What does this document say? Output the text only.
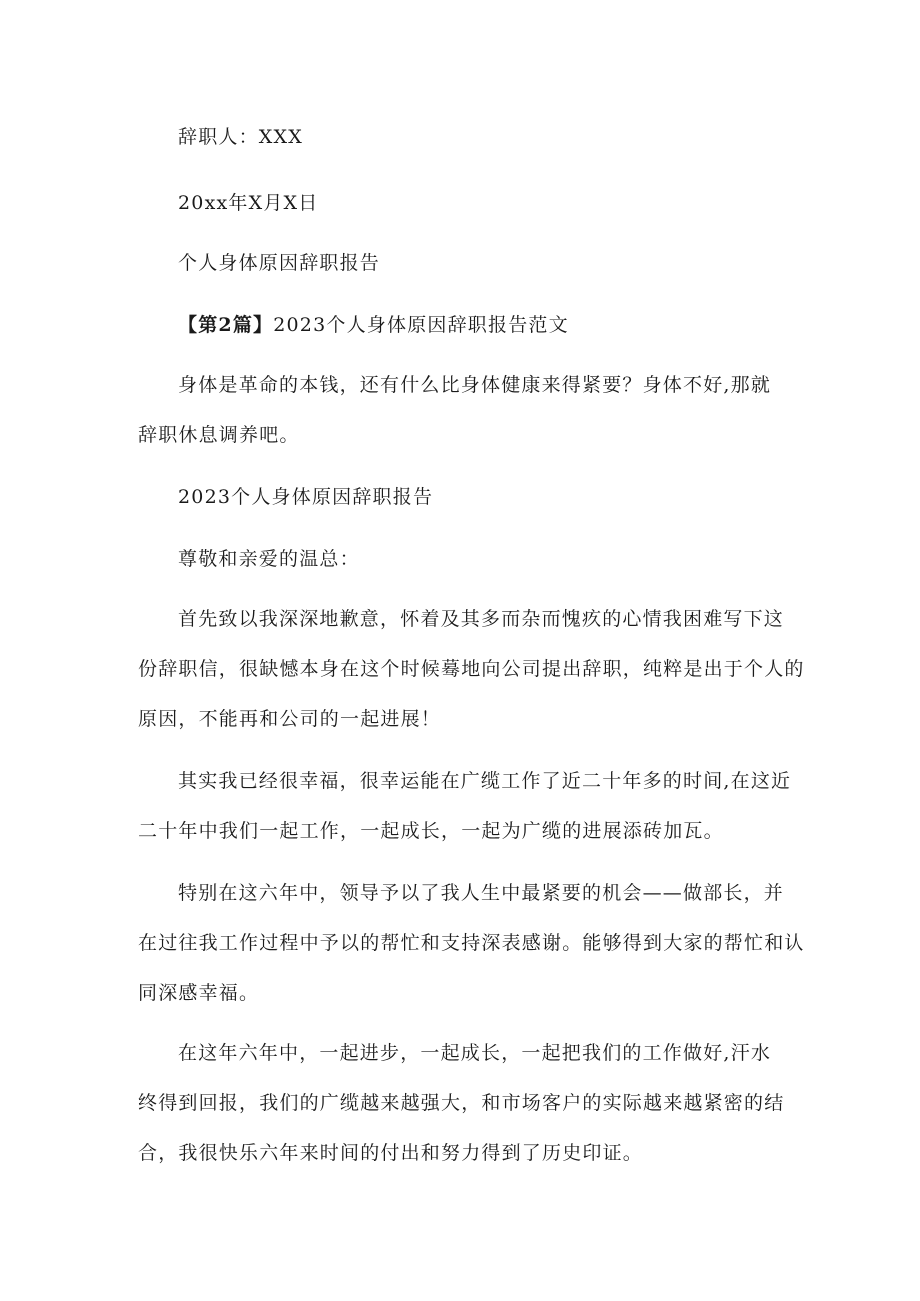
辞职人：XXX
20xx年X月X日
个人身体原因辞职报告
【第2篇】2023个人身体原因辞职报告范文
身体是革命的本钱，还有什么比身体健康来得紧要？身体不好,那就
辞职休息调养吧。
2023个人身体原因辞职报告
尊敬和亲爱的温总：
首先致以我深深地歉意，怀着及其多而杂而愧疚的心情我困难写下这
份辞职信，很缺憾本身在这个时候蓦地向公司提出辞职，纯粹是出于个人的
原因，不能再和公司的一起进展！
其实我已经很幸福，很幸运能在广缆工作了近二十年多的时间,在这近
二十年中我们一起工作，一起成长，一起为广缆的进展添砖加瓦。
特别在这六年中，领导予以了我人生中最紧要的机会——做部长，并
在过往我工作过程中予以的帮忙和支持深表感谢。能够得到大家的帮忙和认
同深感幸福。
在这年六年中，一起进步，一起成长，一起把我们的工作做好,汗水
终得到回报，我们的广缆越来越强大，和市场客户的实际越来越紧密的结
合，我很快乐六年来时间的付出和努力得到了历史印证。
